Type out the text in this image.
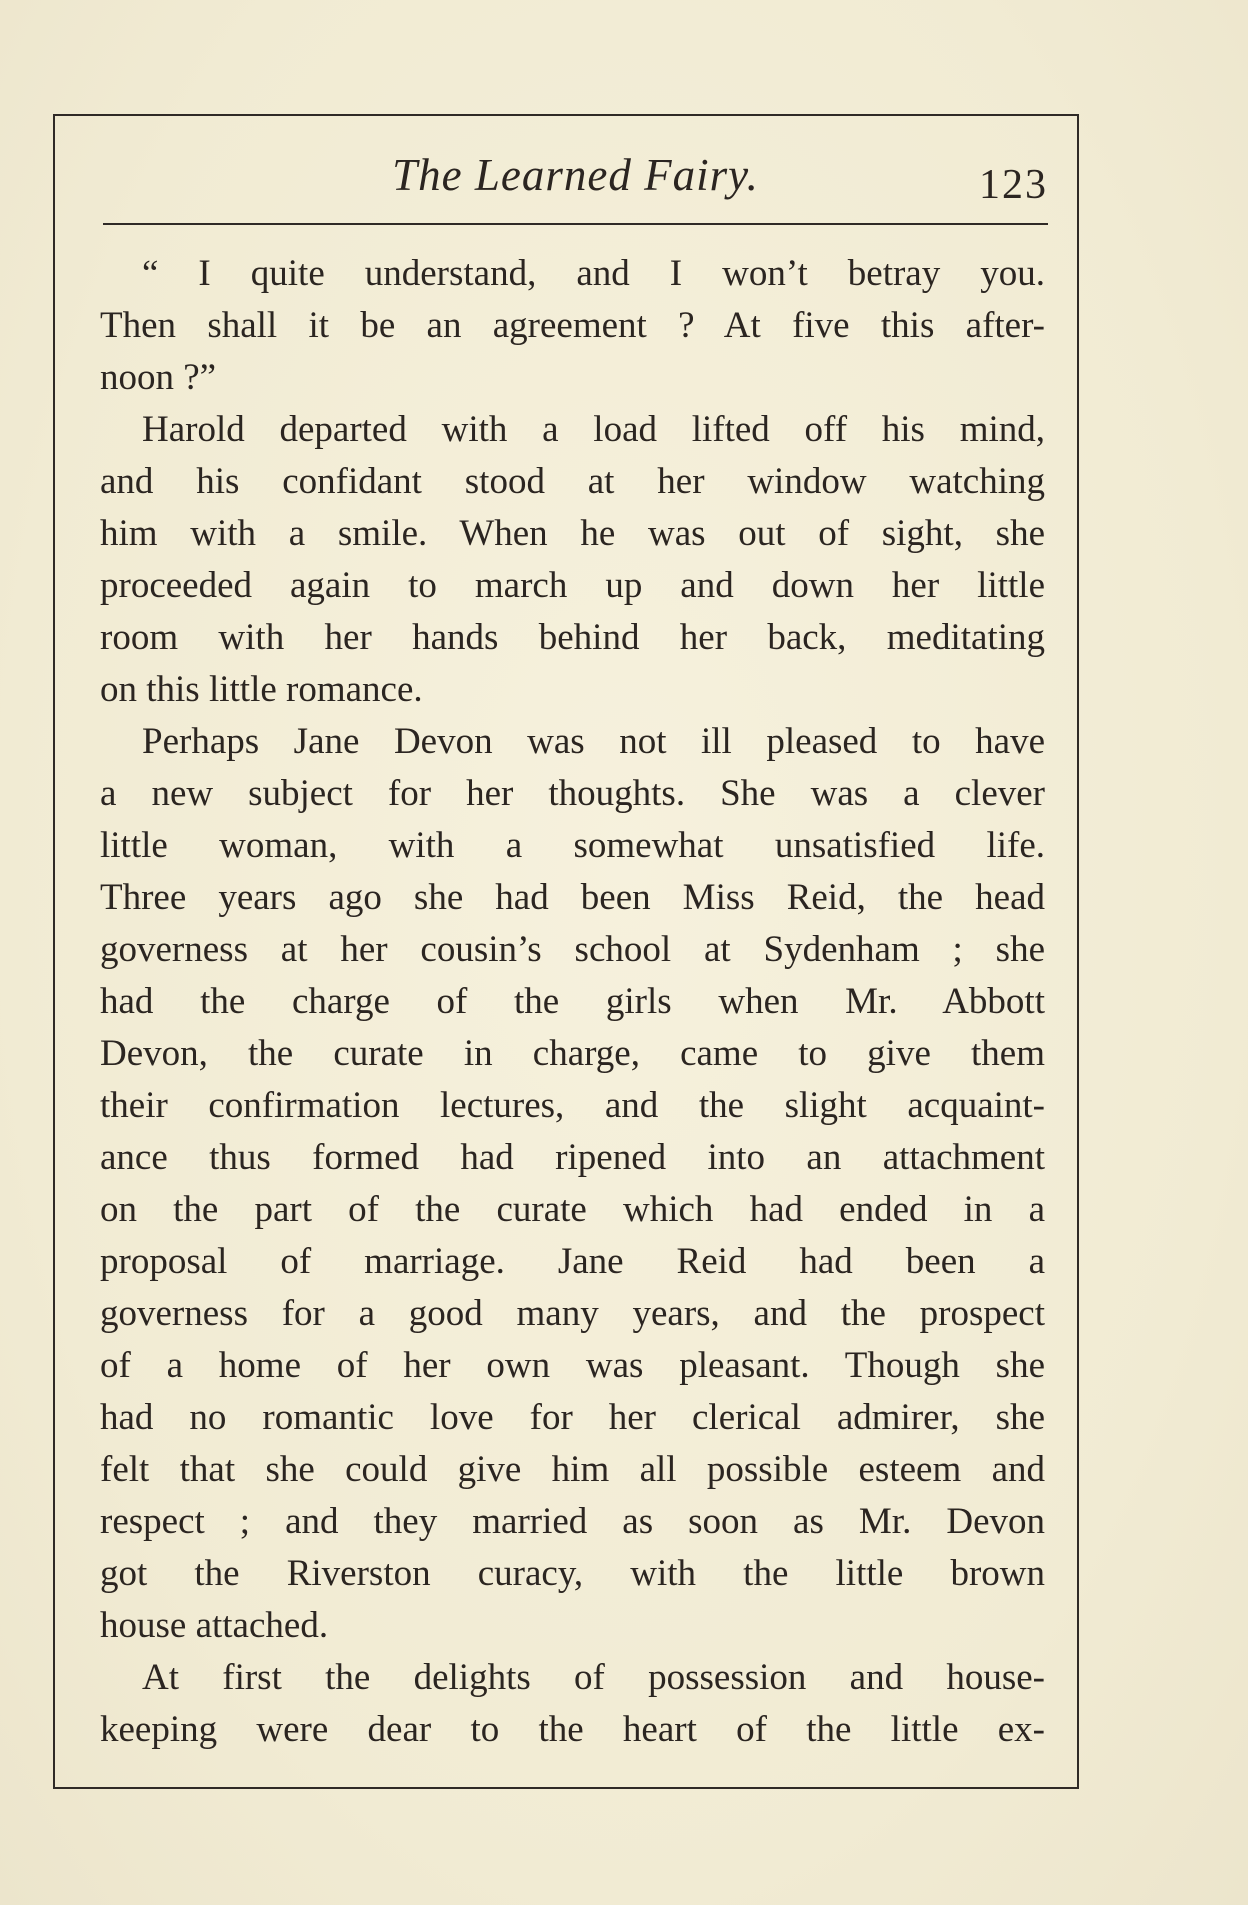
The Learned Fairy.	123
“ I quite understand, and I won’t betray you.
Then shall it be an agreement ? At five this after-
noon ?”
Harold departed with a load lifted off his mind,
and his confidant stood at her window watching
him with a smile. When he was out of sight, she
proceeded again to march up and down her little
room with her hands behind her back, meditating
on this little romance.
Perhaps Jane Devon was not ill pleased to have
a new subject for her thoughts. She was a clever
little woman, with a somewhat unsatisfied life.
Three years ago she had been Miss Reid, the head
governess at her cousin’s school at Sydenham ; she
had the charge of the girls when Mr. Abbott
Devon, the curate in charge, came to give them
their confirmation lectures, and the slight acquaint-
ance thus formed had ripened into an attachment
on the part of the curate which had ended in a
proposal of marriage. Jane Reid had been a
governess for a good many years, and the prospect
of a home of her own was pleasant. Though she
had no romantic love for her clerical admirer, she
felt that she could give him all possible esteem and
respect ; and they married as soon as Mr. Devon
got the Riverston curacy, with the little brown
house attached.
At first the delights of possession and house-
keeping were dear to the heart of the little ex-
